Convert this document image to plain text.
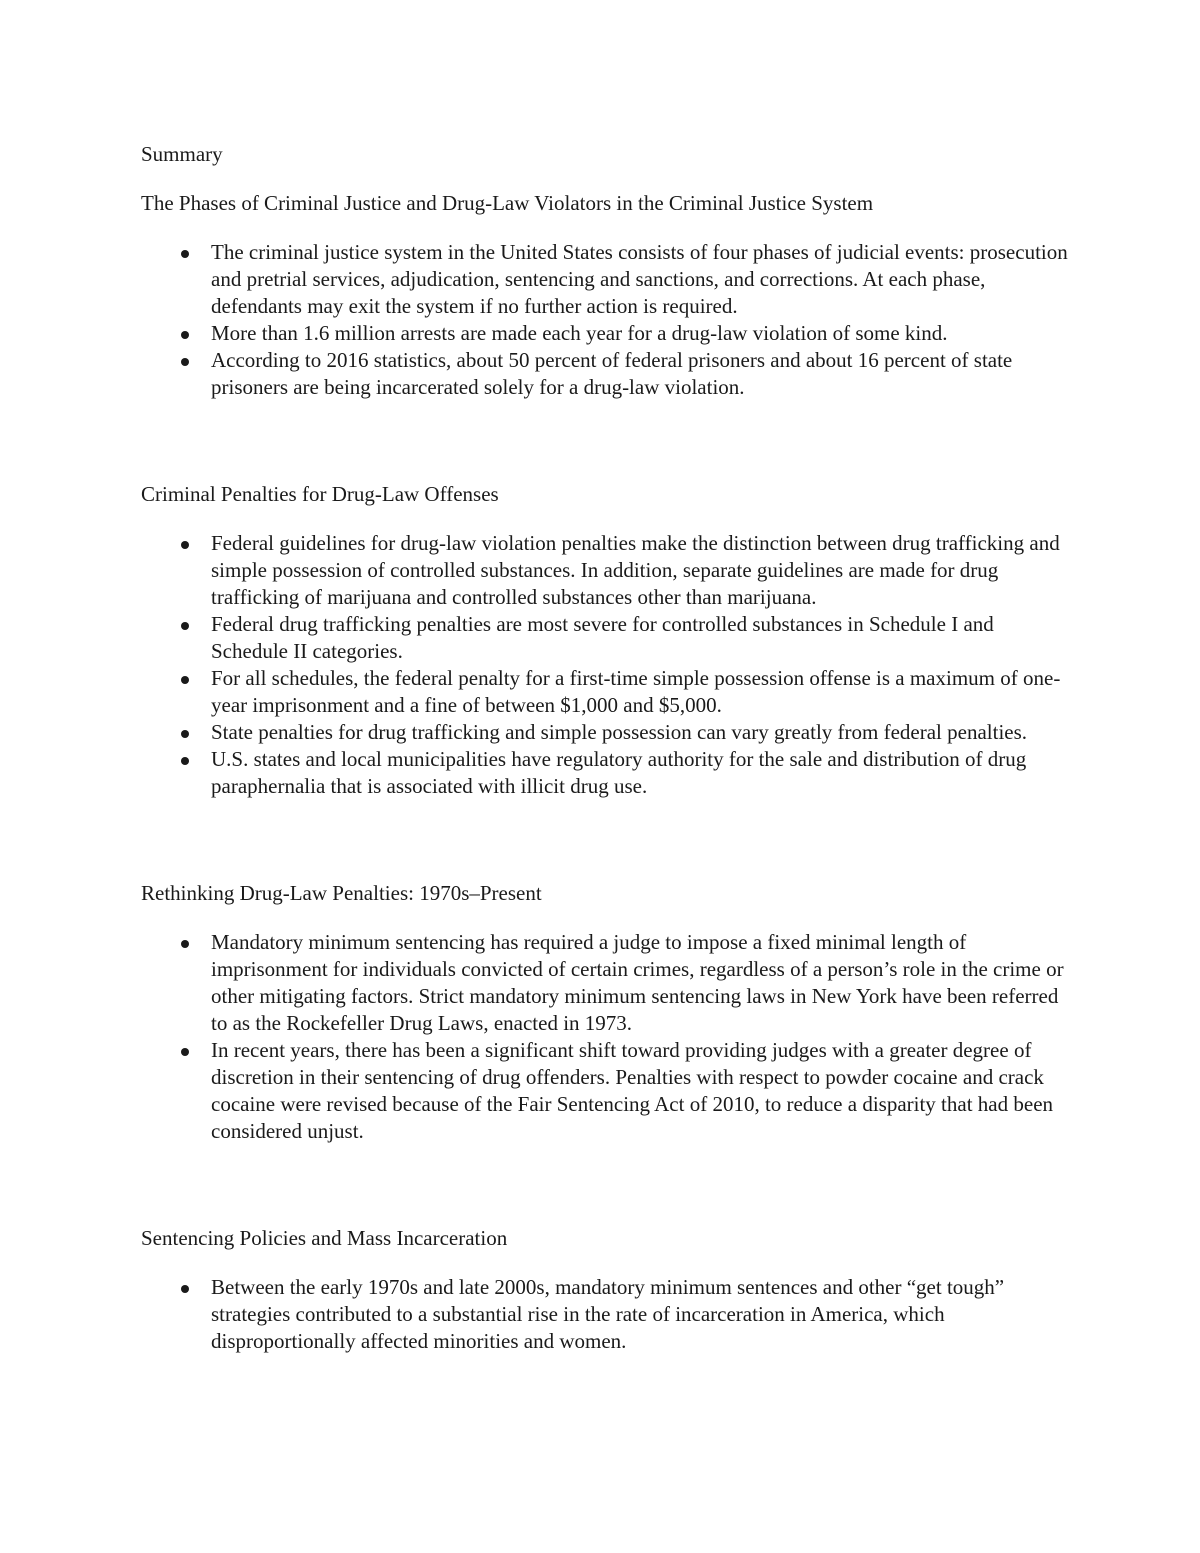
Summary
The Phases of Criminal Justice and Drug-Law Violators in the Criminal Justice System
The criminal justice system in the United States consists of four phases of judicial events: prosecution and pretrial services, adjudication, sentencing and sanctions, and corrections. At each phase, defendants may exit the system if no further action is required.
More than 1.6 million arrests are made each year for a drug-law violation of some kind.
According to 2016 statistics, about 50 percent of federal prisoners and about 16 percent of state prisoners are being incarcerated solely for a drug-law violation.
Criminal Penalties for Drug-Law Offenses
Federal guidelines for drug-law violation penalties make the distinction between drug trafficking and simple possession of controlled substances. In addition, separate guidelines are made for drug trafficking of marijuana and controlled substances other than marijuana.
Federal drug trafficking penalties are most severe for controlled substances in Schedule I and Schedule II categories.
For all schedules, the federal penalty for a first-time simple possession offense is a maximum of one-year imprisonment and a fine of between $1,000 and $5,000.
State penalties for drug trafficking and simple possession can vary greatly from federal penalties.
U.S. states and local municipalities have regulatory authority for the sale and distribution of drug paraphernalia that is associated with illicit drug use.
Rethinking Drug-Law Penalties: 1970s–Present
Mandatory minimum sentencing has required a judge to impose a fixed minimal length of imprisonment for individuals convicted of certain crimes, regardless of a person’s role in the crime or other mitigating factors. Strict mandatory minimum sentencing laws in New York have been referred to as the Rockefeller Drug Laws, enacted in 1973.
In recent years, there has been a significant shift toward providing judges with a greater degree of discretion in their sentencing of drug offenders. Penalties with respect to powder cocaine and crack cocaine were revised because of the Fair Sentencing Act of 2010, to reduce a disparity that had been considered unjust.
Sentencing Policies and Mass Incarceration
Between the early 1970s and late 2000s, mandatory minimum sentences and other “get tough” strategies contributed to a substantial rise in the rate of incarceration in America, which disproportionally affected minorities and women.
